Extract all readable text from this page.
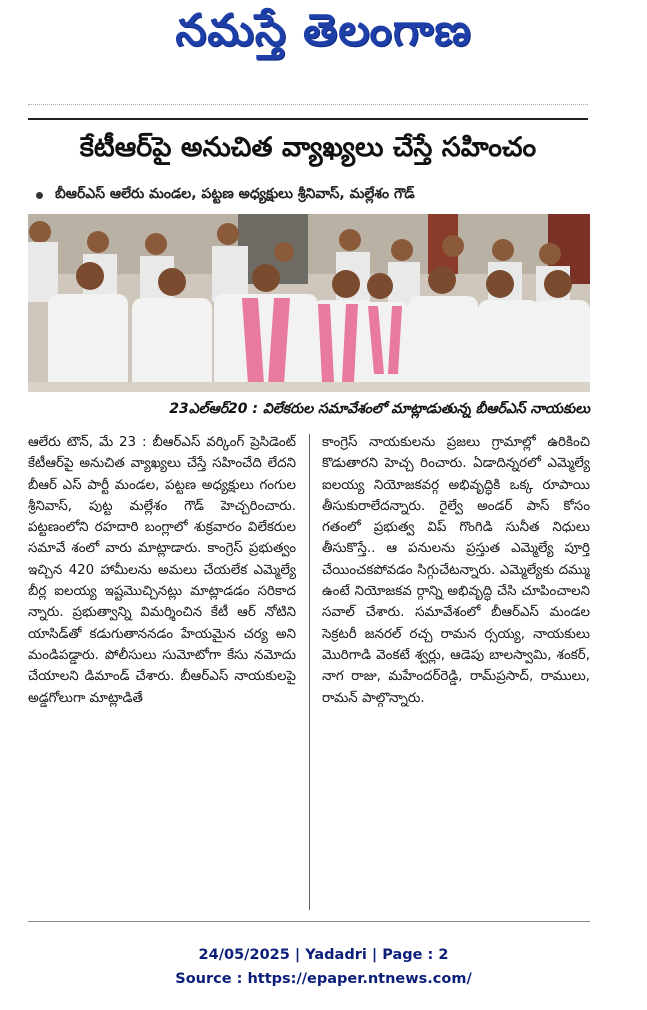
నమస్తే తెలంగాణ
కేటీఆర్‌పై అనుచిత వ్యాఖ్యలు చేస్తే సహించం
బీఆర్ఎస్ ఆలేరు మండల, పట్టణ అధ్యక్షులు శ్రీనివాస్, మల్లేశం గౌడ్
23ఎల్ఆర్20 : విలేకరుల సమావేశంలో మాట్లాడుతున్న బీఆర్ఎస్ నాయకులు
ఆలేరు టౌన్, మే 23 : బీఆర్ఎస్ వర్కింగ్ ప్రెసిడెంట్ కేటీఆర్‌పై అనుచిత వ్యాఖ్యలు చేస్తే సహించేది లేదని బీఆర్ ఎస్ పార్టీ మండల, పట్టణ అధ్యక్షులు గంగుల శ్రీనివాస్, పుట్ట మల్లేశం గౌడ్ హెచ్చరించారు. పట్టణంలోని రహదారి బంగ్లాలో శుక్రవారం విలేకరుల సమావే శంలో వారు మాట్లాడారు. కాంగ్రెస్ ప్రభుత్వం ఇచ్చిన 420 హామీలను అమలు చేయలేక ఎమ్మెల్యే బీర్ల ఐలయ్య ఇష్టమొచ్చినట్లు మాట్లాడడం సరికాద న్నారు. ప్రభుత్వాన్ని విమర్శించిన కేటీ ఆర్ నోటిని యాసిడ్‌తో కడుగుతాననడం హేయమైన చర్య అని మండిపడ్డారు. పోలీసులు సుమోటోగా కేసు నమోదు చేయాలని డిమాండ్ చేశారు. బీఆర్ఎస్ నాయకులపై అడ్డగోలుగా మాట్లాడితే
కాంగ్రెస్ నాయకులను ప్రజలు గ్రామాల్లో ఉరికించి కొడుతారని హెచ్చ రించారు. ఏడాదిన్నరలో ఎమ్మెల్యే ఐలయ్య నియోజకవర్గ అభివృద్ధికి ఒక్క రూపాయి తీసుకురాలేదన్నారు. రైల్వే అండర్ పాస్ కోసం గతంలో ప్రభుత్వ విప్ గొంగిడి సునీత నిధులు తీసుకొస్తే.. ఆ పనులను ప్రస్తుత ఎమ్మెల్యే పూర్తి చేయించకపోవడం సిగ్గుచేటన్నారు. ఎమ్మెల్యేకు దమ్ము ఉంటే నియోజకవ ర్గాన్ని అభివృద్ధి చేసి చూపించాలని సవాల్ చేశారు. సమావేశంలో బీఆర్ఎస్ మండల సెక్రటరీ జనరల్ రచ్చ రామన ర్సయ్య, నాయకులు మొరిగాడి వెంకటే శ్వర్లు, ఆడెపు బాలస్వామి, శంకర్, నాగ రాజు, మహేందర్‌రెడ్డి, రామ్‌ప్రసాద్, రాములు, రామన్ పాల్గొన్నారు.
24/05/2025 | Yadadri | Page : 2
Source : https://epaper.ntnews.com/
